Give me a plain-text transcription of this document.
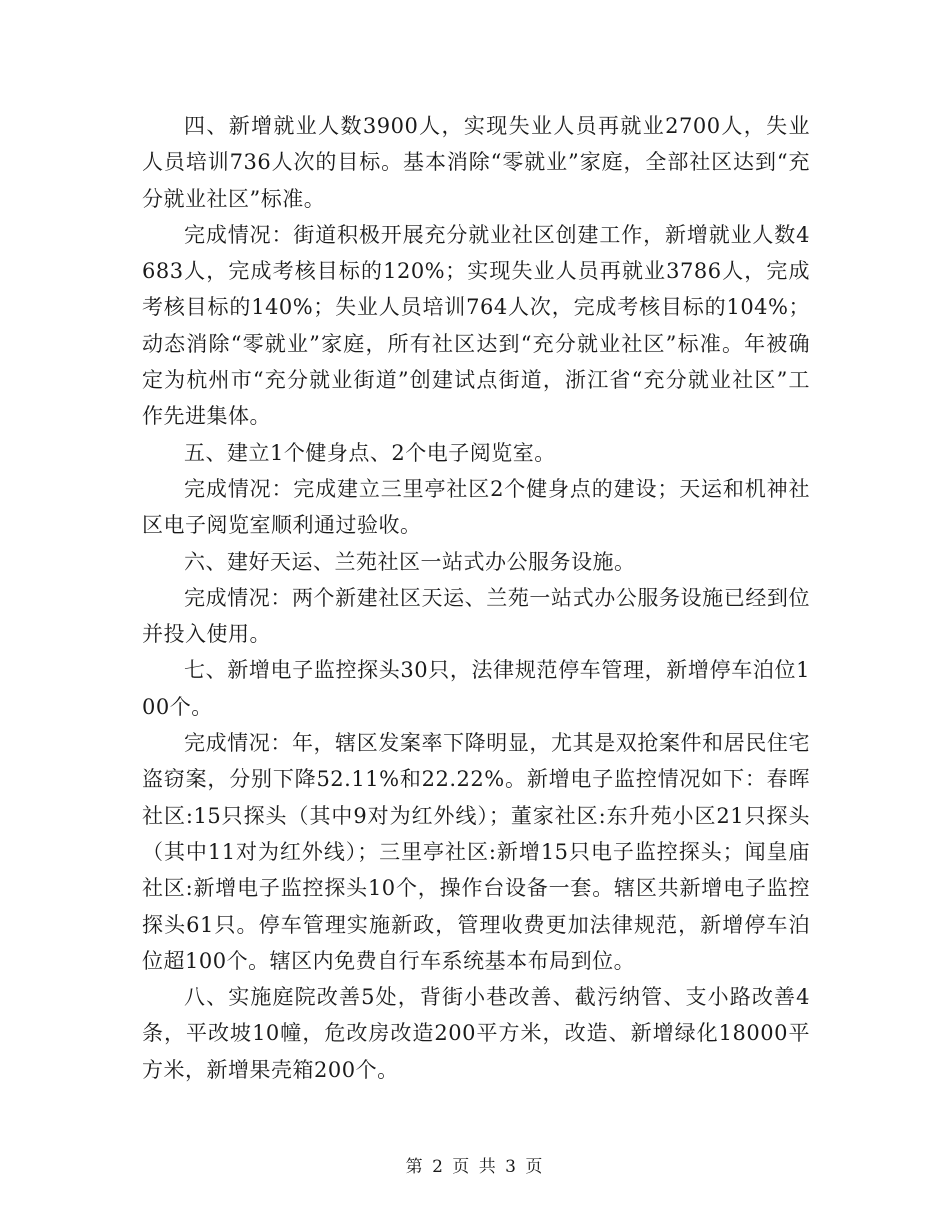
四、新增就业人数3900人，实现失业人员再就业2700人，失业人员培训736人次的目标。基本消除“零就业”家庭，全部社区达到“充分就业社区”标准。

完成情况：街道积极开展充分就业社区创建工作，新增就业人数4683人，完成考核目标的120%；实现失业人员再就业3786人，完成考核目标的140%；失业人员培训764人次，完成考核目标的104%；动态消除“零就业”家庭，所有社区达到“充分就业社区”标准。年被确定为杭州市“充分就业街道”创建试点街道，浙江省“充分就业社区”工作先进集体。

五、建立1个健身点、2个电子阅览室。

完成情况：完成建立三里亭社区2个健身点的建设；天运和机神社区电子阅览室顺利通过验收。

六、建好天运、兰苑社区一站式办公服务设施。

完成情况：两个新建社区天运、兰苑一站式办公服务设施已经到位并投入使用。

七、新增电子监控探头30只，法律规范停车管理，新增停车泊位100个。

完成情况：年，辖区发案率下降明显，尤其是双抢案件和居民住宅盗窃案，分别下降52.11%和22.22%。新增电子监控情况如下：春晖社区:15只探头（其中9对为红外线）；董家社区:东升苑小区21只探头（其中11对为红外线）；三里亭社区:新增15只电子监控探头；闻皇庙社区:新增电子监控探头10个，操作台设备一套。辖区共新增电子监控探头61只。停车管理实施新政，管理收费更加法律规范，新增停车泊位超100个。辖区内免费自行车系统基本布局到位。

八、实施庭院改善5处，背街小巷改善、截污纳管、支小路改善4条，平改坡10幢，危改房改造200平方米，改造、新增绿化18000平方米，新增果壳箱200个。

第 2 页 共 3 页
